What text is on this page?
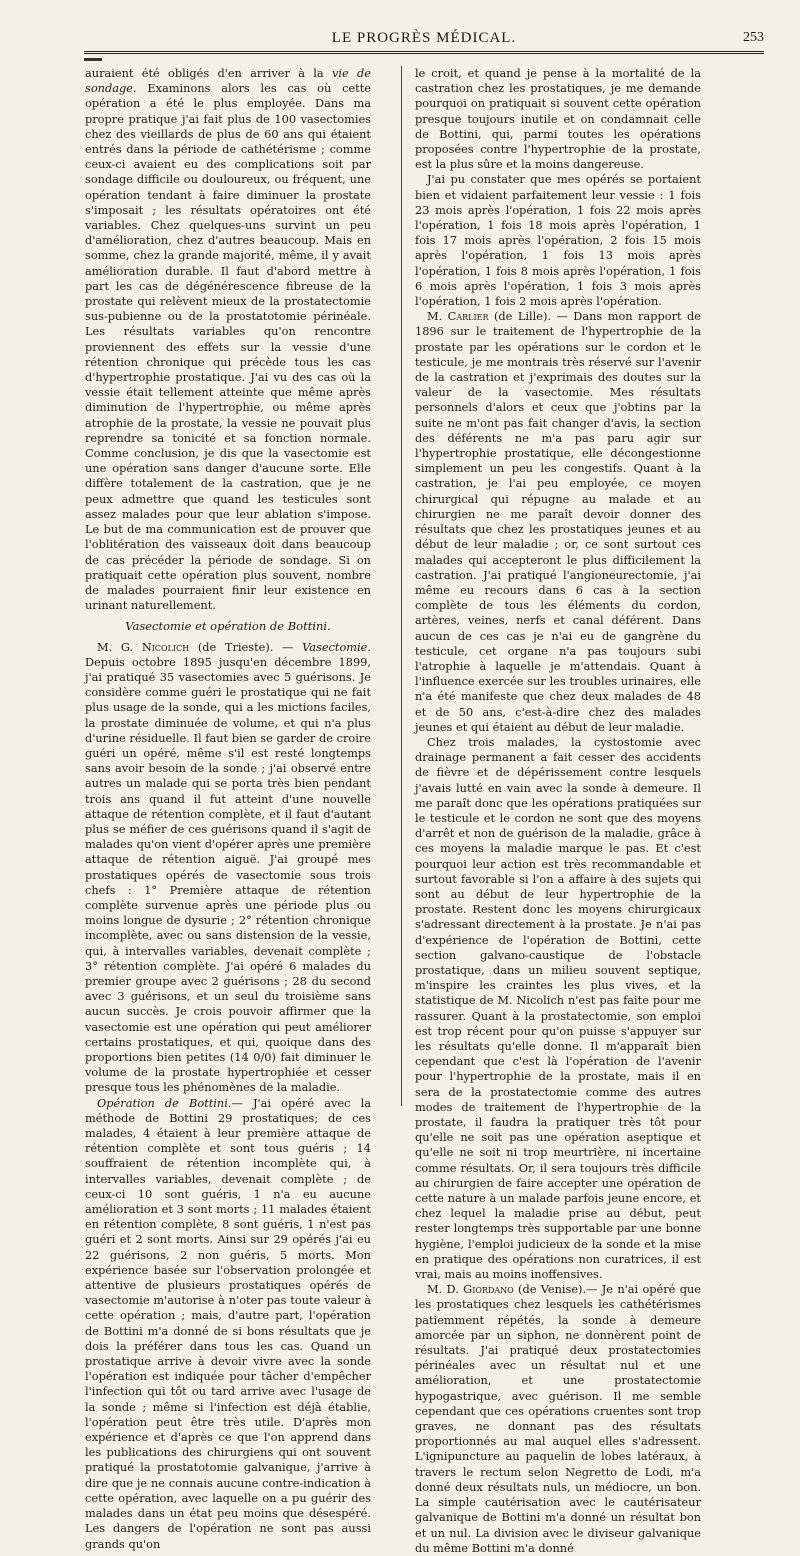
LE PROGRÈS MÉDICAL.	253

auraient été obligés d'en arriver à la vie de sondage. Examinons alors les cas où cette opération a été le plus employée. Dans ma propre pratique j'ai fait plus de 100 vasectomies chez des vieillards de plus de 60 ans qui étaient entrés dans la période de cathétérisme ; comme ceux-ci avaient eu des complications soit par sondage difficile ou douloureux, ou fréquent, une opération tendant à faire diminuer la prostate s'imposait ; les résultats opératoires ont été variables. Chez quelques-uns survint un peu d'amélioration, chez d'autres beaucoup. Mais en somme, chez la grande majorité, même, il y avait amélioration durable. Il faut d'abord mettre à part les cas de dégénérescence fibreuse de la prostate qui relèvent mieux de la prostatectomie sus-pubienne ou de la prostatotomie périnéale. Les résultats variables qu'on rencontre proviennent des effets sur la vessie d'une rétention chronique qui précède tous les cas d'hypertrophie prostatique. J'ai vu des cas où la vessie était tellement atteinte que même après diminution de l'hypertrophie, ou même après atrophie de la prostate, la vessie ne pouvait plus reprendre sa tonicité et sa fonction normale. Comme conclusion, je dis que la vasectomie est une opération sans danger d'aucune sorte. Elle diffère totalement de la castration, que je ne peux admettre que quand les testicules sont assez malades pour que leur ablation s'impose. Le but de ma communication est de prouver que l'oblitération des vaisseaux doit dans beaucoup de cas précéder la période de sondage. Si on pratiquait cette opération plus souvent, nombre de malades pourraient finir leur existence en urinant naturellement.

Vasectomie et opération de Bottini.

M. G. Nicolich (de Trieste). — Vasectomie. Depuis octobre 1895 jusqu'en décembre 1899, j'ai pratiqué 35 vasectomies avec 5 guérisons. Je considère comme guéri le prostatique qui ne fait plus usage de la sonde, qui a les mictions faciles, la prostate diminuée de volume, et qui n'a plus d'urine résiduelle. Il faut bien se garder de croire guéri un opéré, même s'il est resté longtemps sans avoir besoin de la sonde ; j'ai observé entre autres un malade qui se porta très bien pendant trois ans quand il fut atteint d'une nouvelle attaque de rétention complète, et il faut d'autant plus se méfier de ces guérisons quand il s'agit de malades qu'on vient d'opérer après une première attaque de rétention aiguë. J'ai groupé mes prostatiques opérés de vasectomie sous trois chefs : 1° Première attaque de rétention complète survenue après une période plus ou moins longue de dysurie ; 2° rétention chronique incomplète, avec ou sans distension de la vessie, qui, à intervalles variables, devenait complète ; 3° rétention complète. J'ai opéré 6 malades du premier groupe avec 2 guérisons ; 28 du second avec 3 guérisons, et un seul du troisième sans aucun succès. Je crois pouvoir affirmer que la vasectomie est une opération qui peut améliorer certains prostatiques, et qui, quoique dans des proportions bien petites (14 0/0) fait diminuer le volume de la prostate hypertrophiée et cesser presque tous les phénomènes de la maladie.

Opération de Bottini.— J'ai opéré avec la méthode de Bottini 29 prostatiques; de ces malades, 4 étaient à leur première attaque de rétention complète et sont tous guéris ; 14 souffraient de rétention incomplète qui, à intervalles variables, devenait complète ; de ceux-ci 10 sont guéris, 1 n'a eu aucune amélioration et 3 sont morts ; 11 malades étaient en rétention complète, 8 sont guéris, 1 n'est pas guéri et 2 sont morts. Ainsi sur 29 opérés j'ai eu 22 guérisons, 2 non guéris, 5 morts. Mon expérience basée sur l'observation prolongée et attentive de plusieurs prostatiques opérés de vasectomie m'autorise à n'oter pas toute valeur à cette opération ; mais, d'autre part, l'opération de Bottini m'a donné de si bons résultats que je dois la préférer dans tous les cas. Quand un prostatique arrive à devoir vivre avec la sonde l'opération est indiquée pour tâcher d'empêcher l'infection qui tôt ou tard arrive avec l'usage de la sonde ; même si l'infection est déjà établie, l'opération peut être très utile. D'après mon expérience et d'après ce que l'on apprend dans les publications des chirurgiens qui ont souvent pratiqué la prostatotomie galvanique, j'arrive à dire que je ne connais aucune contre-indication à cette opération, avec laquelle on a pu guérir des malades dans un état peu moins que désespéré. Les dangers de l'opération ne sont pas aussi grands qu'on

le croit, et quand je pense à la mortalité de la castration chez les prostatiques, je me demande pourquoi on pratiquait si souvent cette opération presque toujours inutile et on condamnait celle de Bottini, qui, parmi toutes les opérations proposées contre l'hypertrophie de la prostate, est la plus sûre et la moins dangereuse.

J'ai pu constater que mes opérés se portaient bien et vidaient parfaitement leur vessie : 1 fois 23 mois après l'opération, 1 fois 22 mois après l'opération, 1 fois 18 mois après l'opération, 1 fois 17 mois après l'opération, 2 fois 15 mois après l'opération, 1 fois 13 mois après l'opération, 1 fois 8 mois après l'opération, 1 fois 6 mois après l'opération, 1 fois 3 mois après l'opération, 1 fois 2 mois après l'opération.

M. Carlier (de Lille). — Dans mon rapport de 1896 sur le traitement de l'hypertrophie de la prostate par les opérations sur le cordon et le testicule, je me montrais très réservé sur l'avenir de la castration et j'exprimais des doutes sur la valeur de la vasectomie. Mes résultats personnels d'alors et ceux que j'obtins par la suite ne m'ont pas fait changer d'avis, la section des déférents ne m'a pas paru agir sur l'hypertrophie prostatique, elle décongestionne simplement un peu les congestifs. Quant à la castration, je l'ai peu employée, ce moyen chirurgical qui répugne au malade et au chirurgien ne me paraît devoir donner des résultats que chez les prostatiques jeunes et au début de leur maladie ; or, ce sont surtout ces malades qui accepteront le plus difficilement la castration. J'ai pratiqué l'angioneurectomie, j'ai même eu recours dans 6 cas à la section complète de tous les éléments du cordon, artères, veines, nerfs et canal déférent. Dans aucun de ces cas je n'ai eu de gangrène du testicule, cet organe n'a pas toujours subi l'atrophie à laquelle je m'attendais. Quant à l'influence exercée sur les troubles urinaires, elle n'a été manifeste que chez deux malades de 48 et de 50 ans, c'est-à-dire chez des malades jeunes et qui étaient au début de leur maladie.

Chez trois malades, la cystostomie avec drainage permanent a fait cesser des accidents de fièvre et de dépérissement contre lesquels j'avais lutté en vain avec la sonde à demeure. Il me paraît donc que les opérations pratiquées sur le testicule et le cordon ne sont que des moyens d'arrêt et non de guérison de la maladie, grâce à ces moyens la maladie marque le pas. Et c'est pourquoi leur action est très recommandable et surtout favorable si l'on a affaire à des sujets qui sont au début de leur hypertrophie de la prostate. Restent donc les moyens chirurgicaux s'adressant directement à la prostate. Je n'ai pas d'expérience de l'opération de Bottini, cette section galvano-caustique de l'obstacle prostatique, dans un milieu souvent septique, m'inspire les craintes les plus vives, et la statistique de M. Nicolich n'est pas faite pour me rassurer. Quant à la prostatectomie, son emploi est trop récent pour qu'on puisse s'appuyer sur les résultats qu'elle donne. Il m'apparaît bien cependant que c'est là l'opération de l'avenir pour l'hypertrophie de la prostate, mais il en sera de la prostatectomie comme des autres modes de traitement de l'hypertrophie de la prostate, il faudra la pratiquer très tôt pour qu'elle ne soit pas une opération aseptique et qu'elle ne soit ni trop meurtrière, ni incertaine comme résultats. Or, il sera toujours très difficile au chirurgien de faire accepter une opération de cette nature à un malade parfois jeune encore, et chez lequel la maladie prise au début, peut rester longtemps très supportable par une bonne hygiène, l'emploi judicieux de la sonde et la mise en pratique des opérations non curatrices, il est vrai, mais au moins inoffensives.

M. D. Giordano (de Venise).— Je n'ai opéré que les prostatiques chez lesquels les cathétérismes patiemment répétés, la sonde à demeure amorcée par un siphon, ne donnèrent point de résultats. J'ai pratiqué deux prostatectomies périnéales avec un résultat nul et une amélioration, et une prostatectomie hypogastrique, avec guérison. Il me semble cependant que ces opérations cruentes sont trop graves, ne donnant pas des résultats proportionnés au mal auquel elles s'adressent. L'ignipuncture au paquelin de lobes latéraux, à travers le rectum selon Negretto de Lodi, m'a donné deux résultats nuls, un médiocre, un bon. La simple cautérisation avec le cautérisateur galvanique de Bottini m'a donné un résultat bon et un nul. La division avec le diviseur galvanique du même Bottini m'a donné
